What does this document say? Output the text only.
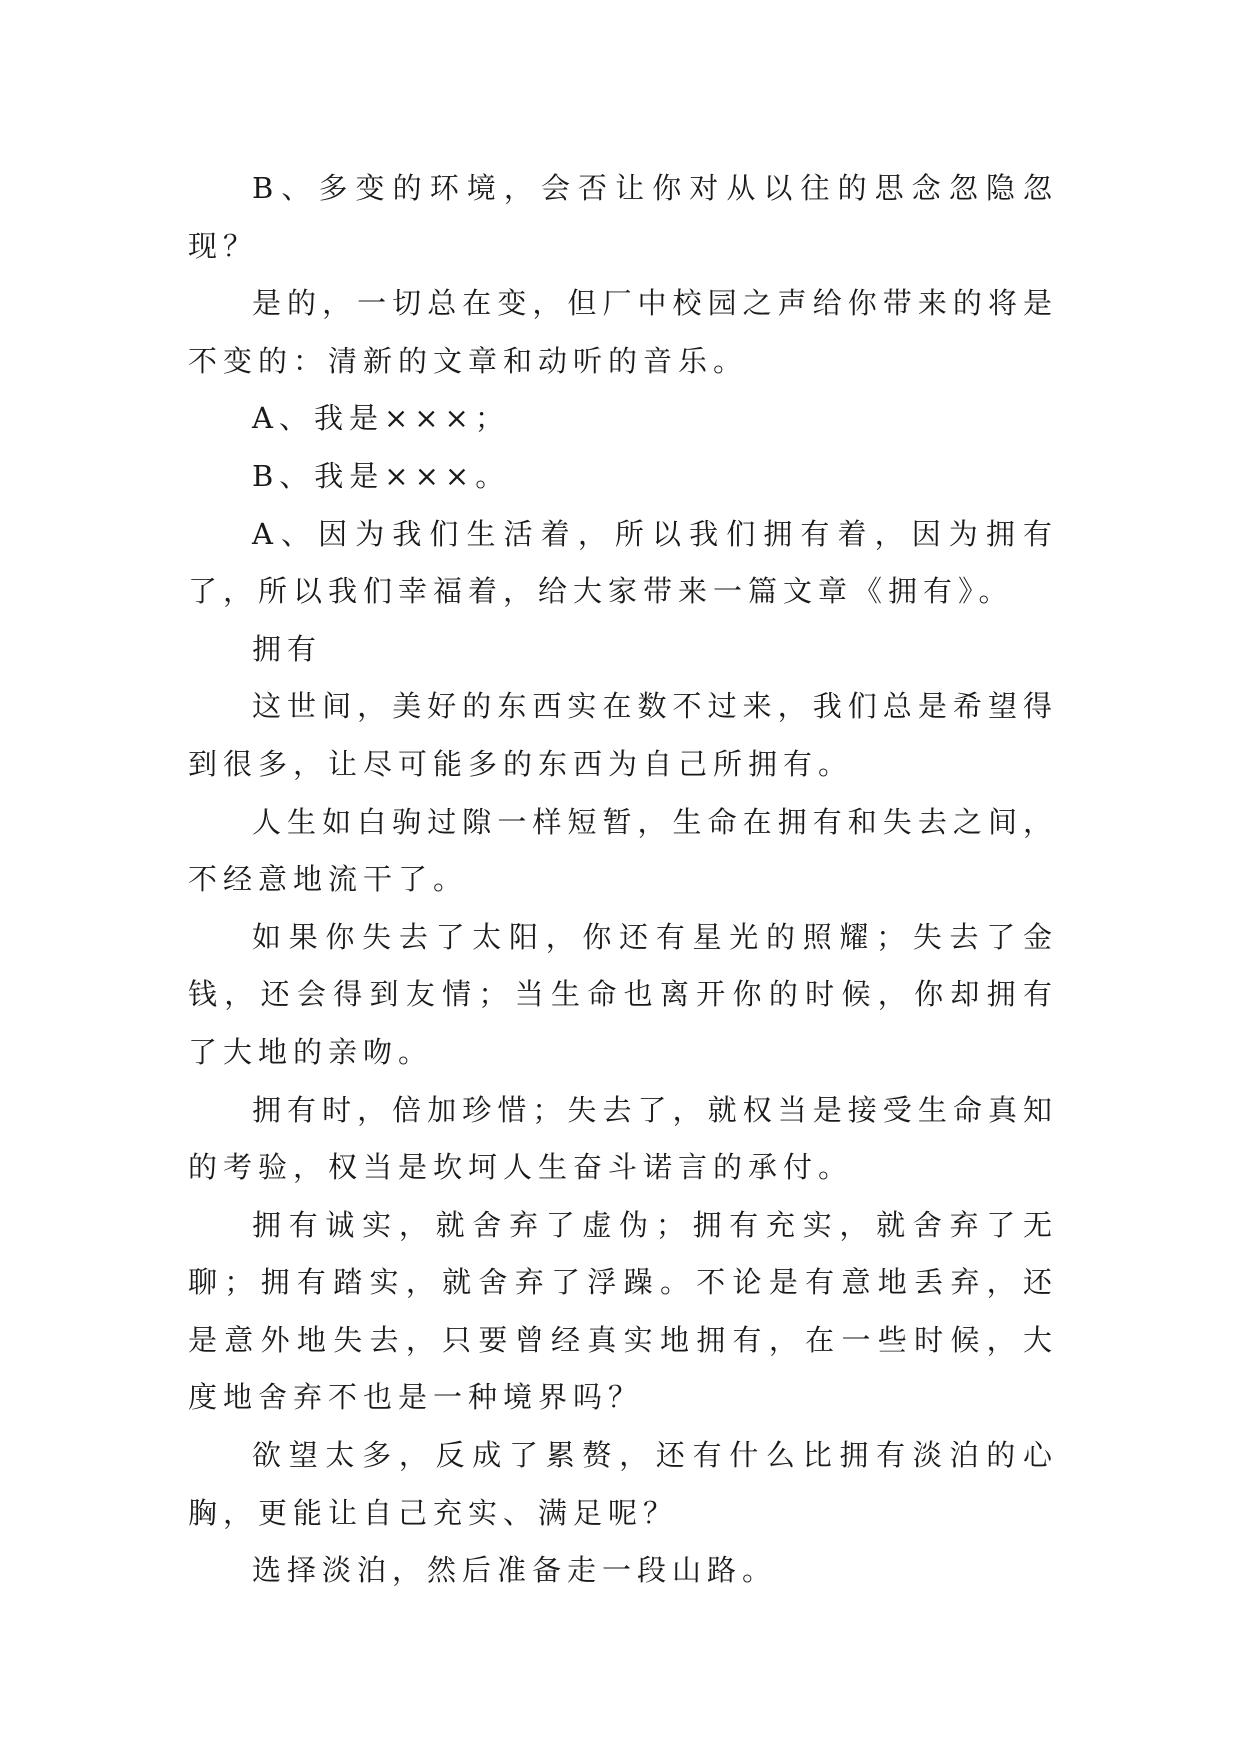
B、多变的环境，会否让你对从以往的思念忽隐忽现？

是的，一切总在变，但厂中校园之声给你带来的将是不变的：清新的文章和动听的音乐。

A、我是×××；

B、我是×××。

A、因为我们生活着，所以我们拥有着，因为拥有了，所以我们幸福着，给大家带来一篇文章《拥有》。

拥有

这世间，美好的东西实在数不过来，我们总是希望得到很多，让尽可能多的东西为自己所拥有。

人生如白驹过隙一样短暂，生命在拥有和失去之间，不经意地流干了。

如果你失去了太阳，你还有星光的照耀；失去了金钱，还会得到友情；当生命也离开你的时候，你却拥有了大地的亲吻。

拥有时，倍加珍惜；失去了，就权当是接受生命真知的考验，权当是坎坷人生奋斗诺言的承付。

拥有诚实，就舍弃了虚伪；拥有充实，就舍弃了无聊；拥有踏实，就舍弃了浮躁。不论是有意地丢弃，还是意外地失去，只要曾经真实地拥有，在一些时候，大度地舍弃不也是一种境界吗？

欲望太多，反成了累赘，还有什么比拥有淡泊的心胸，更能让自己充实、满足呢？

选择淡泊，然后准备走一段山路。
